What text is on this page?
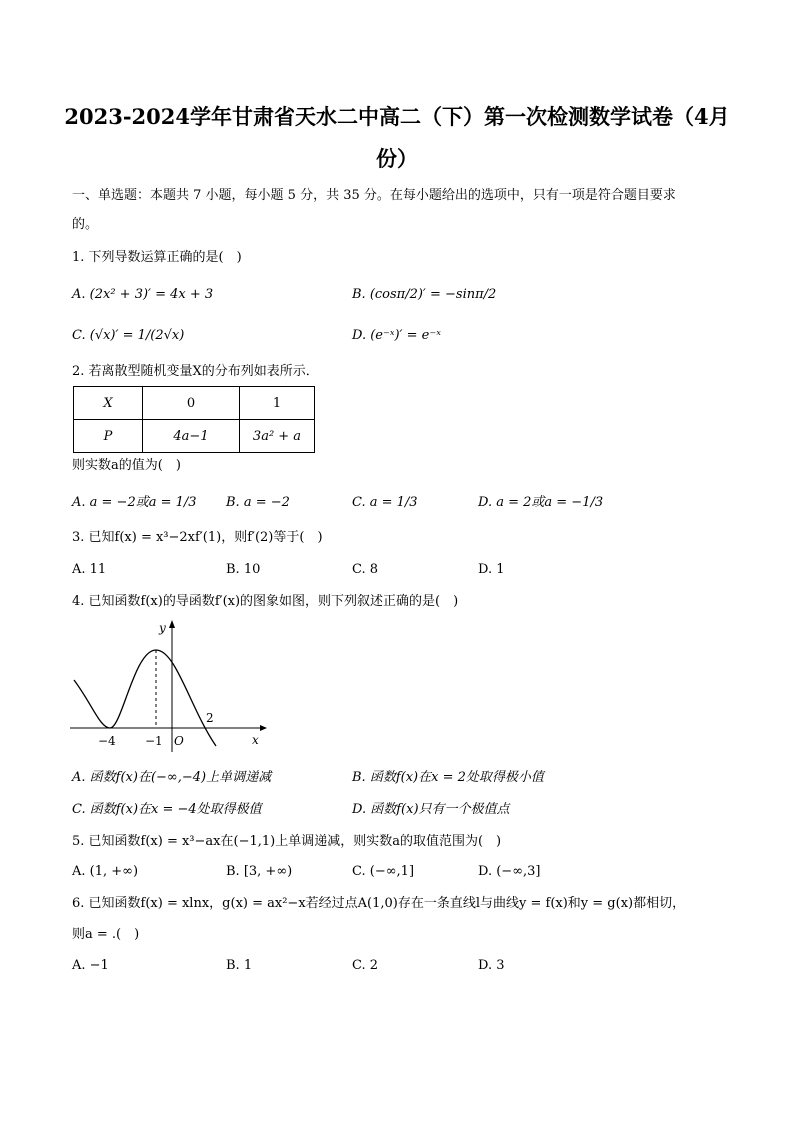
2023-2024学年甘肃省天水二中高二（下）第一次检测数学试卷（4月
份）
一、单选题：本题共 7 小题，每小题 5 分，共 35 分。在每小题给出的选项中，只有一项是符合题目要求
的。
1. 下列导数运算正确的是(　)
A. (2x² + 3)′ = 4x + 3	B. (cosπ/2)′ = −sinπ/2
C. (√x)′ = 1/(2√x)	D. (e⁻ˣ)′ = e⁻ˣ
2. 若离散型随机变量X的分布列如表所示．
X	0	1
P	4a−1	3a² + a
则实数a的值为(　)
A. a = −2或a = 1/3 B. a = −2	C. a = 1/3	D. a = 2或a = −1/3
3. 已知f(x) = x³−2xf′(1)，则f′(2)等于(　)
A. 11	B. 10	C. 8	D. 1
4. 已知函数f(x)的导函数f′(x)的图象如图，则下列叙述正确的是(　)
y
x
O
−4 −1
2
A. 函数f(x)在(−∞,−4)上单调递减	B. 函数f(x)在x = 2处取得极小值
C. 函数f(x)在x = −4处取得极值	D. 函数f(x)只有一个极值点
5. 已知函数f(x) = x³−ax在(−1,1)上单调递减，则实数a的取值范围为(　)
A. (1, +∞)	B. [3, +∞)	C. (−∞,1]	D. (−∞,3]
6. 已知函数f(x) = xlnx，g(x) = ax²−x若经过点A(1,0)存在一条直线l与曲线y = f(x)和y = g(x)都相切，
则a = .(　)
A. −1	B. 1	C. 2	D. 3
